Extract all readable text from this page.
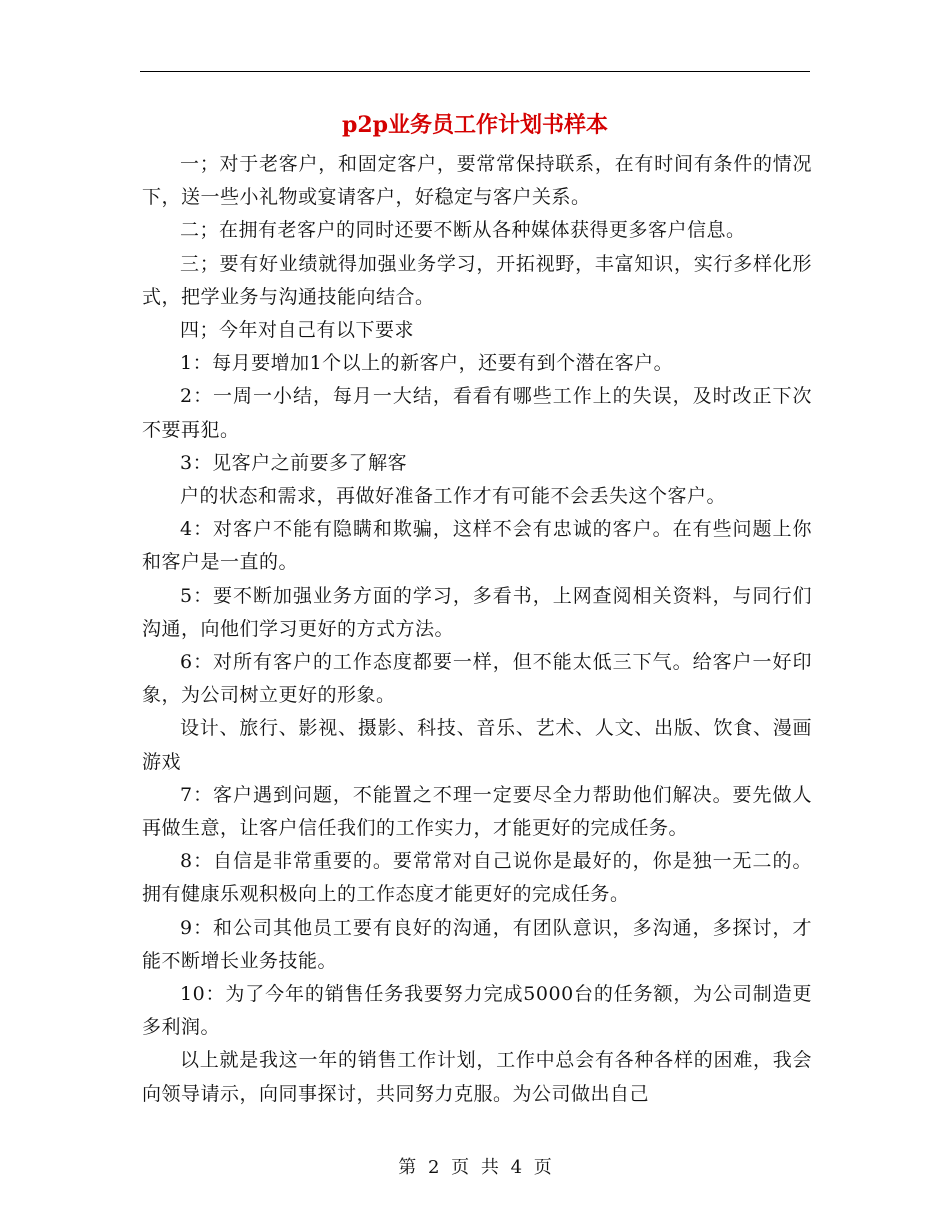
p2p业务员工作计划书样本

一；对于老客户，和固定客户，要常常保持联系，在有时间有条件的情况下，送一些小礼物或宴请客户，好稳定与客户关系。

二；在拥有老客户的同时还要不断从各种媒体获得更多客户信息。

三；要有好业绩就得加强业务学习，开拓视野，丰富知识，实行多样化形式，把学业务与沟通技能向结合。

四；今年对自己有以下要求

1：每月要增加1个以上的新客户，还要有到个潜在客户。

2：一周一小结，每月一大结，看看有哪些工作上的失误，及时改正下次不要再犯。

3：见客户之前要多了解客

户的状态和需求，再做好准备工作才有可能不会丢失这个客户。

4：对客户不能有隐瞒和欺骗，这样不会有忠诚的客户。在有些问题上你和客户是一直的。

5：要不断加强业务方面的学习，多看书，上网查阅相关资料，与同行们沟通，向他们学习更好的方式方法。

6：对所有客户的工作态度都要一样，但不能太低三下气。给客户一好印象，为公司树立更好的形象。

设计、旅行、影视、摄影、科技、音乐、艺术、人文、出版、饮食、漫画游戏

7：客户遇到问题，不能置之不理一定要尽全力帮助他们解决。要先做人再做生意，让客户信任我们的工作实力，才能更好的完成任务。

8：自信是非常重要的。要常常对自己说你是最好的，你是独一无二的。拥有健康乐观积极向上的工作态度才能更好的完成任务。

9：和公司其他员工要有良好的沟通，有团队意识，多沟通，多探讨，才能不断增长业务技能。

10：为了今年的销售任务我要努力完成5000台的任务额，为公司制造更多利润。

以上就是我这一年的销售工作计划，工作中总会有各种各样的困难，我会向领导请示，向同事探讨，共同努力克服。为公司做出自己

第 2 页 共 4 页
